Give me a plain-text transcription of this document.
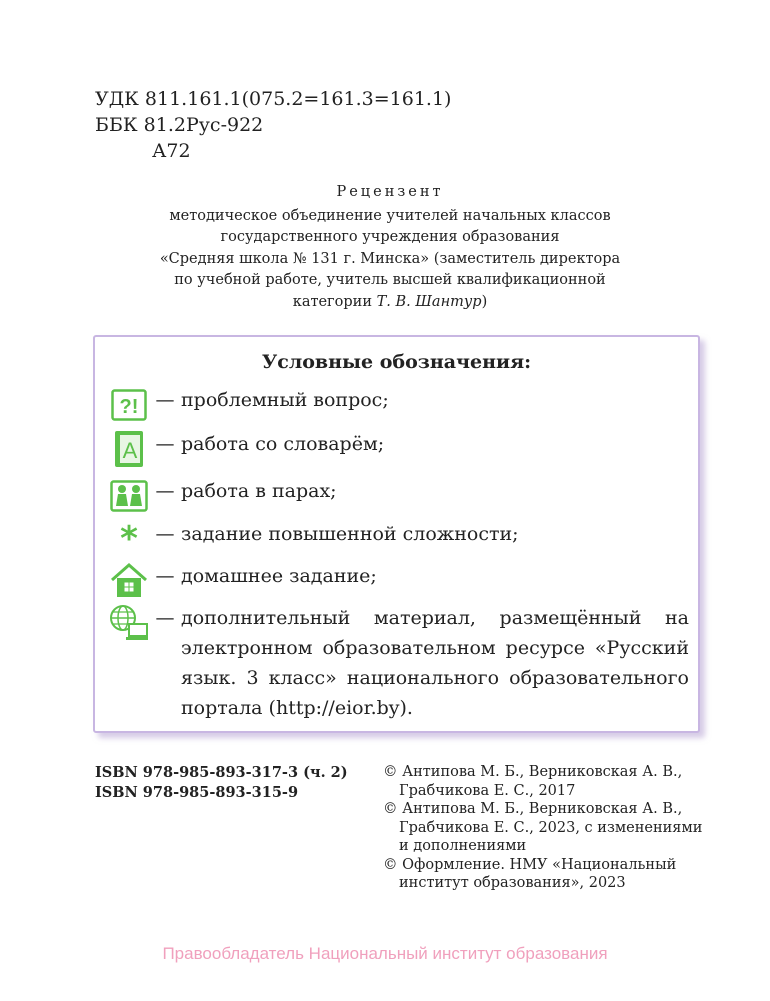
УДК 811.161.1(075.2=161.3=161.1)
ББК 81.2Рус-922
А72
Рецензент
методическое объединение учителей начальных классов
государственного учреждения образования
«Средняя школа № 131 г. Минска» (заместитель директора
по учебной работе, учитель высшей квалификационной
категории Т. В. Шантур)
Условные обозначения:
?! — проблемный вопрос;
А — работа со словарём;
— работа в парах;
* — задание повышенной сложности;
— домашнее задание;
— дополнительный материал, размещённый на электронном образовательном ресурсе «Русский язык. 3 класс» национального образовательного портала (http://eior.by).
ISBN 978-985-893-317-3 (ч. 2)
ISBN 978-985-893-315-9
© Антипова М. Б., Верниковская А. В.,
Грабчикова Е. С., 2017
© Антипова М. Б., Верниковская А. В.,
Грабчикова Е. С., 2023, с изменениями
и дополнениями
© Оформление. НМУ «Национальный
институт образования», 2023
Правообладатель Национальный институт образования
